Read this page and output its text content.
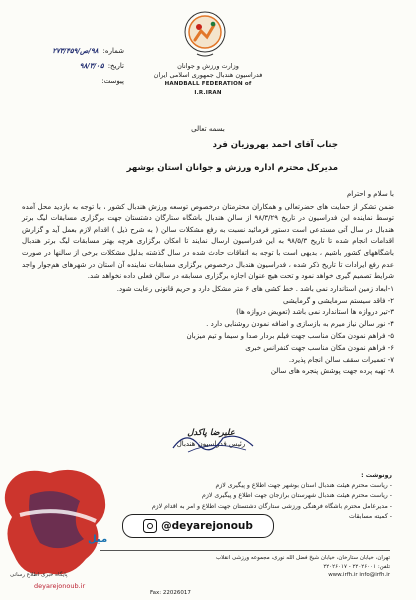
شماره:
۹۸/ص/۲۷۳/۴۵۹
تاریخ:
۹۸/۳/۰۵
پیوست:
وزارت ورزش و جوانان
فدراسیون هندبال جمهوری اسلامی ایران
HANDBALL FEDERATION of I.R.IRAN
بسمه تعالی
جناب آقای احمد بهروزیان فرد
مدیرکل محترم اداره ورزش و جوانان استان بوشهر

با سلام و احترام

ضمن تشکر از حمایت های حضرتعالی و همکاران محترمتان درخصوص توسعه ورزش هندبال کشور ، با توجه به بازدید محل آمده توسط نماینده این فدراسیون در تاریخ ۹۸/۳/۲۹ از سالن هندبال باشگاه ستارگان دشتستان جهت برگزاری مسابقات لیگ برتر هندبال در سال آتی مستدعی است دستور فرمائید نسبت به رفع مشکلات سالن ( به شرح ذیل ) اقدام لازم بعمل آید و گزارش اقدامات انجام شده تا تاریخ ۹۸/۵/۳ به این فدراسیون ارسال نمایند تا امکان برگزاری هرچه بهتر مسابقات لیگ برتر هندبال باشگاههای کشور باشیم ، بدیهی است با توجه به اتفاقات حادث شده در سال گذشته بدلیل مشکلات برخی از سالنها در صورت عدم رفع ایرادات تا تاریخ ذکر شده ، فدراسیون هندبال درخصوص برگزاری مسابقات نماینده آن استان در شهرهای هم‌جوار واجد شرایط تصمیم گیری خواهد نمود و تحت هیچ عنوان اجازه برگزاری مسابقه در سالن فعلی داده نخواهد شد.

۱-ابعاد زمین استاندارد نمی باشد . خط کشی های ۶ متر مشکل دارد و حریم قانونی رعایت شود.
۲- فاقد سیستم سرمایشی و گرمایشی
۳-تیر دروازه ها استاندارد نمی باشد (تعویض دروازه ها)
۴- نور سالن نیاز میرم به بازسازی و اضافه نمودن روشنایی دارد .
۵- فراهم نمودن مکان مناسب جهت فیلم بردار صدا و سیما و تیم میزبان
۶- فراهم نمودن مکان مناسب جهت کنفرانس خبری
۷- تعمیرات سقف سالن انجام پذیرد.
۸- تهیه پرده جهت پوشش پنجره های سالن
علیرضا پاکدل
رئیس فدراسیون هندبال
رونوشت :
- ریاست محترم هیئت هندبال استان بوشهر جهت اطلاع و پیگیری لازم
- ریاست محترم هیئت هندبال شهرستان برازجان جهت اطلاع و پیگیری لازم
- مدیرعامل محترم باشگاه فرهنگی ورزشی ستارگان دشتستان جهت اطلاع و امر به اقدام لازم
- کمیته مسابقات
تهران، خیابان ستارخان، خیابان شیخ فضل الله نوری، مجموعه ورزشی انقلاب
تلفن: ۲۲۰۲۶۰۰۱ - ۲۲۰۲۶۰۱۷
www.irfh.ir info@irfh.ir
Fax: 22026017
@deyarejonoub
میل
پایگاه خبری اطلاع رسانی
deyarejonoub.ir
